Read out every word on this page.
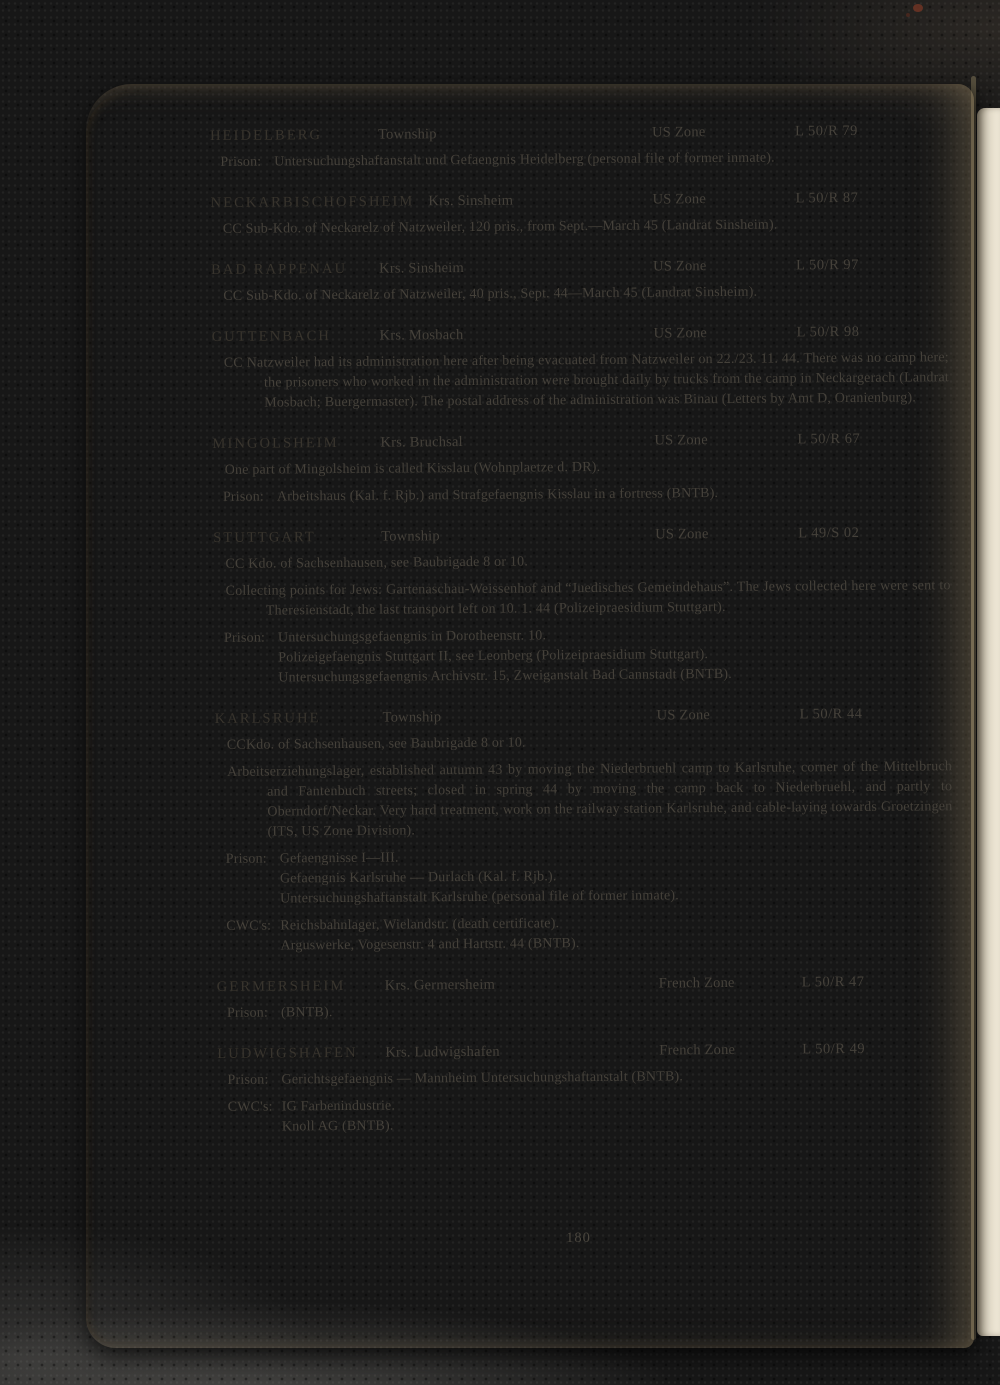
HEIDELBERG	Township	US Zone	L 50/R 79
Prison: Untersuchungshaftanstalt und Gefaengnis Heidelberg (personal file of former inmate).
NECKARBISCHOFSHEIM Krs. Sinsheim	US Zone	L 50/R 87

CC Sub-Kdo. of Neckarelz of Natzweiler, 120 pris., from Sept.—March 45 (Landrat Sinsheim).

BAD RAPPENAU	Krs. Sinsheim	US Zone	L 50/R 97

CC Sub-Kdo. of Neckarelz of Natzweiler, 40 pris., Sept. 44—March 45 (Landrat Sinsheim).

GUTTENBACH	Krs. Mosbach	US Zone	L 50/R 98

CC Natzweiler had its administration here after being evacuated from Natzweiler on 22./23. 11. 44. There was no camp here; the prisoners who worked in the administration were brought daily by trucks from the camp in Neckargerach (Landrat Mosbach; Buergermaster). The postal address of the administration was Binau (Letters by Amt D, Oranienburg).

MINGOLSHEIM	Krs. Bruchsal	US Zone	L 50/R 67

One part of Mingolsheim is called Kisslau (Wohnplaetze d. DR).

Prison: Arbeitshaus (Kal. f. Rjb.) and Strafgefaengnis Kisslau in a fortress (BNTB).
STUTTGART	Township	US Zone	L 49/S 02

CC Kdo. of Sachsenhausen, see Baubrigade 8 or 10.

Collecting points for Jews: Gartenaschau-Weissenhof and “Juedisches Gemeindehaus”. The Jews collected here were sent to Theresienstadt, the last transport left on 10. 1. 44 (Polizeipraesidium Stuttgart).

Prison: Untersuchungsgefaengnis in Dorotheenstr. 10.
Polizeigefaengnis Stuttgart II, see Leonberg (Polizeipraesidium Stuttgart).
Untersuchungsgefaengnis Archivstr. 15, Zweiganstalt Bad Cannstadt (BNTB).
KARLSRUHE	Township	US Zone	L 50/R 44

CCKdo. of Sachsenhausen, see Baubrigade 8 or 10.

Arbeitserziehungslager, established autumn 43 by moving the Niederbruehl camp to Karlsruhe, corner of the Mittelbruch and Fantenbuch streets; closed in spring 44 by moving the camp back to Niederbruehl, and partly to Oberndorf/Neckar. Very hard treatment, work on the railway station Karlsruhe, and cable-laying towards Groetzingen (ITS, US Zone Division).

Prison: Gefaengnisse I—III.
Gefaengnis Karlsruhe — Durlach (Kal. f. Rjb.).
Untersuchungshaftanstalt Karlsruhe (personal file of former inmate).
CWC's: Reichsbahnlager, Wielandstr. (death certificate).
Arguswerke, Vogesenstr. 4 and Hartstr. 44 (BNTB).
GERMERSHEIM	Krs. Germersheim	French Zone	L 50/R 47
Prison: (BNTB).
LUDWIGSHAFEN	Krs. Ludwigshafen	French Zone	L 50/R 49
Prison: Gerichtsgefaengnis — Mannheim Untersuchungshaftanstalt (BNTB).
CWC's: IG Farbenindustrie.
Knoll AG (BNTB).
180
